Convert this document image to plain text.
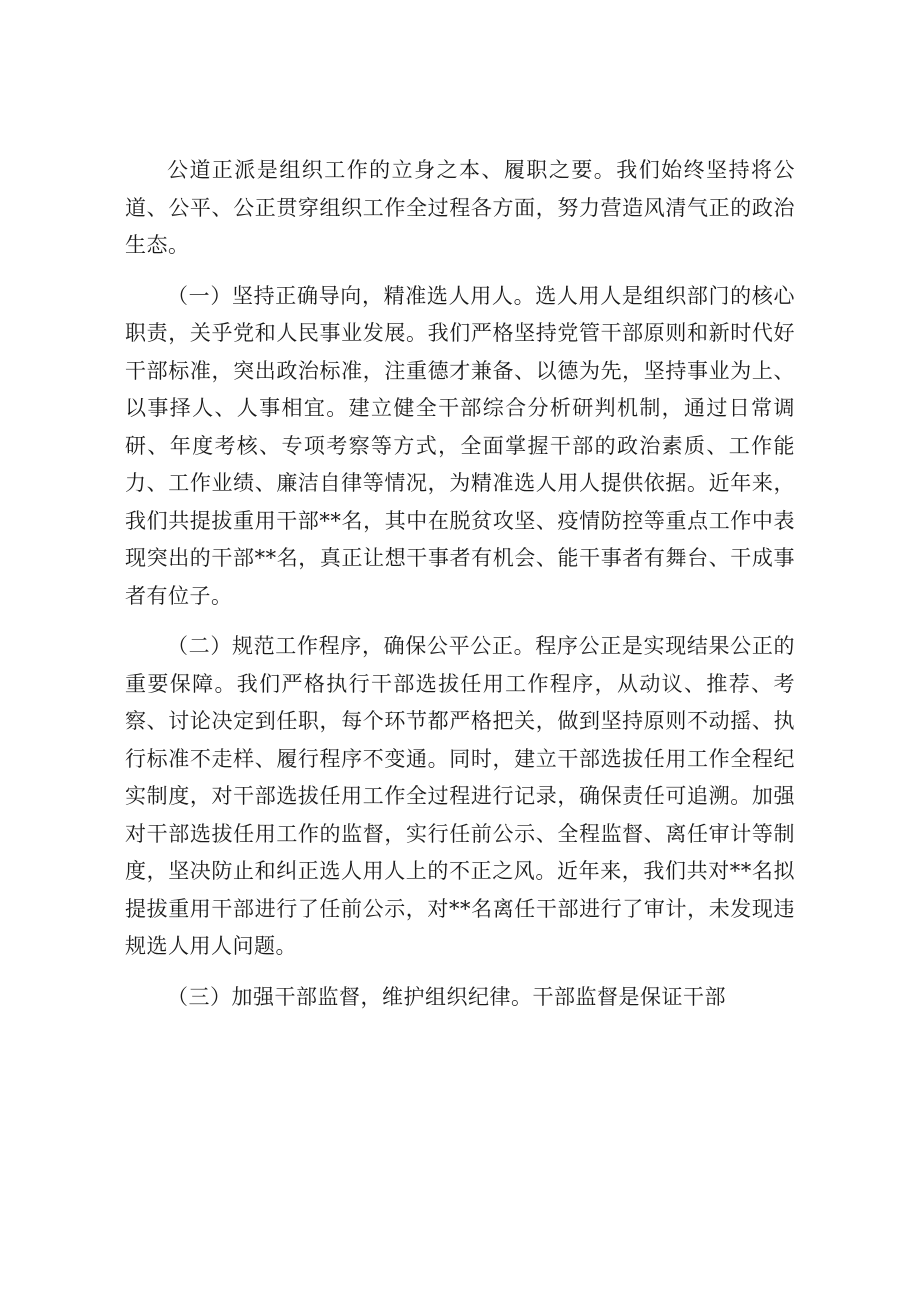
公道正派是组织工作的立身之本、履职之要。我们始终坚持将公道、公平、公正贯穿组织工作全过程各方面，努力营造风清气正的政治生态。

（一）坚持正确导向，精准选人用人。选人用人是组织部门的核心职责，关乎党和人民事业发展。我们严格坚持党管干部原则和新时代好干部标准，突出政治标准，注重德才兼备、以德为先，坚持事业为上、以事择人、人事相宜。建立健全干部综合分析研判机制，通过日常调研、年度考核、专项考察等方式，全面掌握干部的政治素质、工作能力、工作业绩、廉洁自律等情况，为精准选人用人提供依据。近年来，我们共提拔重用干部**名，其中在脱贫攻坚、疫情防控等重点工作中表现突出的干部**名，真正让想干事者有机会、能干事者有舞台、干成事者有位子。

（二）规范工作程序，确保公平公正。程序公正是实现结果公正的重要保障。我们严格执行干部选拔任用工作程序，从动议、推荐、考察、讨论决定到任职，每个环节都严格把关，做到坚持原则不动摇、执行标准不走样、履行程序不变通。同时，建立干部选拔任用工作全程纪实制度，对干部选拔任用工作全过程进行记录，确保责任可追溯。加强对干部选拔任用工作的监督，实行任前公示、全程监督、离任审计等制度，坚决防止和纠正选人用人上的不正之风。近年来，我们共对**名拟提拔重用干部进行了任前公示，对**名离任干部进行了审计，未发现违规选人用人问题。

（三）加强干部监督，维护组织纪律。干部监督是保证干部
